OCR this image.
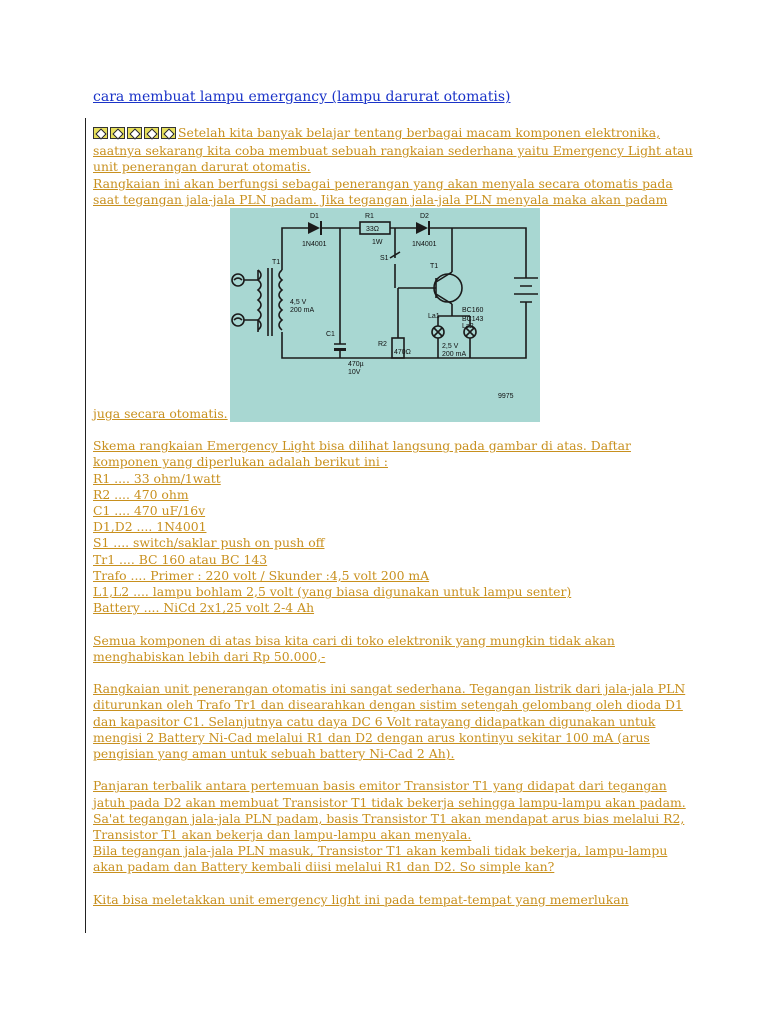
cara membuat lampu emergancy (lampu darurat otomatis)

Setelah kita banyak belajar tentang berbagai macam komponen elektronika,
saatnya sekarang kita coba membuat sebuah rangkaian sederhana yaitu Emergency Light atau
unit penerangan darurat otomatis.
Rangkaian ini akan berfungsi sebagai penerangan yang akan menyala secara otomatis pada
saat tegangan jala-jala PLN padam. Jika tegangan jala-jala PLN menyala maka akan padam
juga secara otomatis.
D1
1N4001
R1
33Ω
1W
D2
1N4001
S1
T1
BC160
BC143
T1
4,5 V
200 mA
C1
470µ
10V
R2
470Ω
La1
La2
2,5 V
200 mA
9975

Skema rangkaian Emergency Light bisa dilihat langsung pada gambar di atas. Daftar
komponen yang diperlukan adalah berikut ini :
R1 .... 33 ohm/1watt
R2 .... 470 ohm
C1 .... 470 uF/16v
D1,D2 .... 1N4001
S1 .... switch/saklar push on push off
Tr1 .... BC 160 atau BC 143
Trafo .... Primer : 220 volt / Skunder :4,5 volt 200 mA
L1,L2 .... lampu bohlam 2,5 volt (yang biasa digunakan untuk lampu senter)
Battery .... NiCd 2x1,25 volt 2-4 Ah

Semua komponen di atas bisa kita cari di toko elektronik yang mungkin tidak akan
menghabiskan lebih dari Rp 50.000,-

Rangkaian unit penerangan otomatis ini sangat sederhana. Tegangan listrik dari jala-jala PLN
diturunkan oleh Trafo Tr1 dan disearahkan dengan sistim setengah gelombang oleh dioda D1
dan kapasitor C1. Selanjutnya catu daya DC 6 Volt ratayang didapatkan digunakan untuk
mengisi 2 Battery Ni-Cad melalui R1 dan D2 dengan arus kontinyu sekitar 100 mA (arus
pengisian yang aman untuk sebuah battery Ni-Cad 2 Ah).

Panjaran terbalik antara pertemuan basis emitor Transistor T1 yang didapat dari tegangan
jatuh pada D2 akan membuat Transistor T1 tidak bekerja sehingga lampu-lampu akan padam.
Sa'at tegangan jala-jala PLN padam, basis Transistor T1 akan mendapat arus bias melalui R2,
Transistor T1 akan bekerja dan lampu-lampu akan menyala.
Bila tegangan jala-jala PLN masuk, Transistor T1 akan kembali tidak bekerja, lampu-lampu
akan padam dan Battery kembali diisi melalui R1 dan D2. So simple kan?

Kita bisa meletakkan unit emergency light ini pada tempat-tempat yang memerlukan
